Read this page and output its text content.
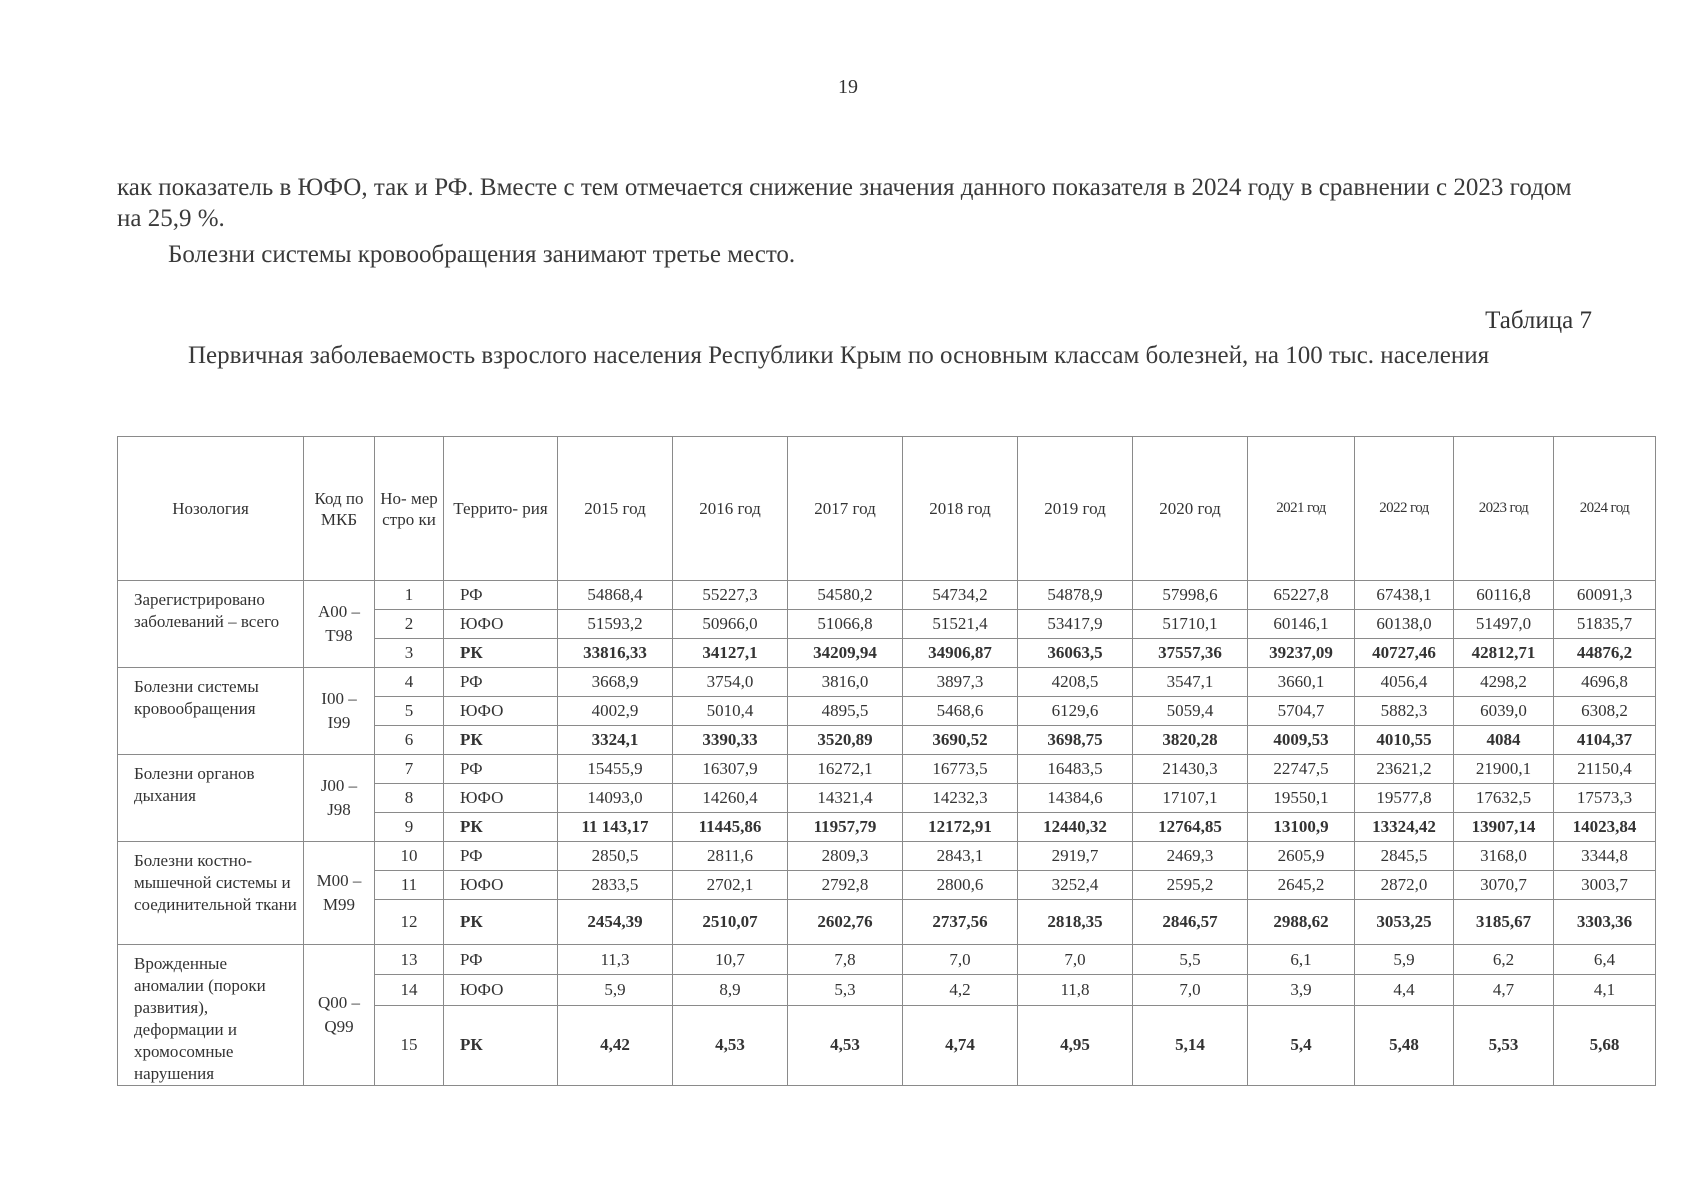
19
как показатель в ЮФО, так и РФ. Вместе с тем отмечается снижение значения данного показателя в 2024 году в сравнении с 2023 годом на 25,9 %.
Болезни системы кровообращения занимают третье место.
Таблица 7
Первичная заболеваемость взрослого населения Республики Крым по основным классам болезней, на 100 тыс. населения
Нозология	Код по МКБ	Но- мер стро ки	Террито- рия	2015 год	2016 год	2017 год	2018 год	2019 год	2020 год	2021 год	2022 год	2023 год	2024 год
Зарегистрировано заболеваний – всего	А00 – Т98	1	РФ	54868,4	55227,3	54580,2	54734,2	54878,9	57998,6	65227,8	67438,1	60116,8	60091,3
		2	ЮФО	51593,2	50966,0	51066,8	51521,4	53417,9	51710,1	60146,1	60138,0	51497,0	51835,7
		3	РК	33816,33	34127,1	34209,94	34906,87	36063,5	37557,36	39237,09	40727,46	42812,71	44876,2
Болезни системы кровообращения	I00 – I99	4	РФ	3668,9	3754,0	3816,0	3897,3	4208,5	3547,1	3660,1	4056,4	4298,2	4696,8
		5	ЮФО	4002,9	5010,4	4895,5	5468,6	6129,6	5059,4	5704,7	5882,3	6039,0	6308,2
		6	РК	3324,1	3390,33	3520,89	3690,52	3698,75	3820,28	4009,53	4010,55	4084	4104,37
Болезни органов дыхания	J00 – J98	7	РФ	15455,9	16307,9	16272,1	16773,5	16483,5	21430,3	22747,5	23621,2	21900,1	21150,4
		8	ЮФО	14093,0	14260,4	14321,4	14232,3	14384,6	17107,1	19550,1	19577,8	17632,5	17573,3
		9	РК	11 143,17	11445,86	11957,79	12172,91	12440,32	12764,85	13100,9	13324,42	13907,14	14023,84
Болезни костно-мышечной системы и соединительной ткани	М00 – М99	10	РФ	2850,5	2811,6	2809,3	2843,1	2919,7	2469,3	2605,9	2845,5	3168,0	3344,8
		11	ЮФО	2833,5	2702,1	2792,8	2800,6	3252,4	2595,2	2645,2	2872,0	3070,7	3003,7
		12	РК	2454,39	2510,07	2602,76	2737,56	2818,35	2846,57	2988,62	3053,25	3185,67	3303,36
Врожденные аномалии (пороки развития), деформации и хромосомные нарушения	Q00 – Q99	13	РФ	11,3	10,7	7,8	7,0	7,0	5,5	6,1	5,9	6,2	6,4
		14	ЮФО	5,9	8,9	5,3	4,2	11,8	7,0	3,9	4,4	4,7	4,1
		15	РК	4,42	4,53	4,53	4,74	4,95	5,14	5,4	5,48	5,53	5,68
